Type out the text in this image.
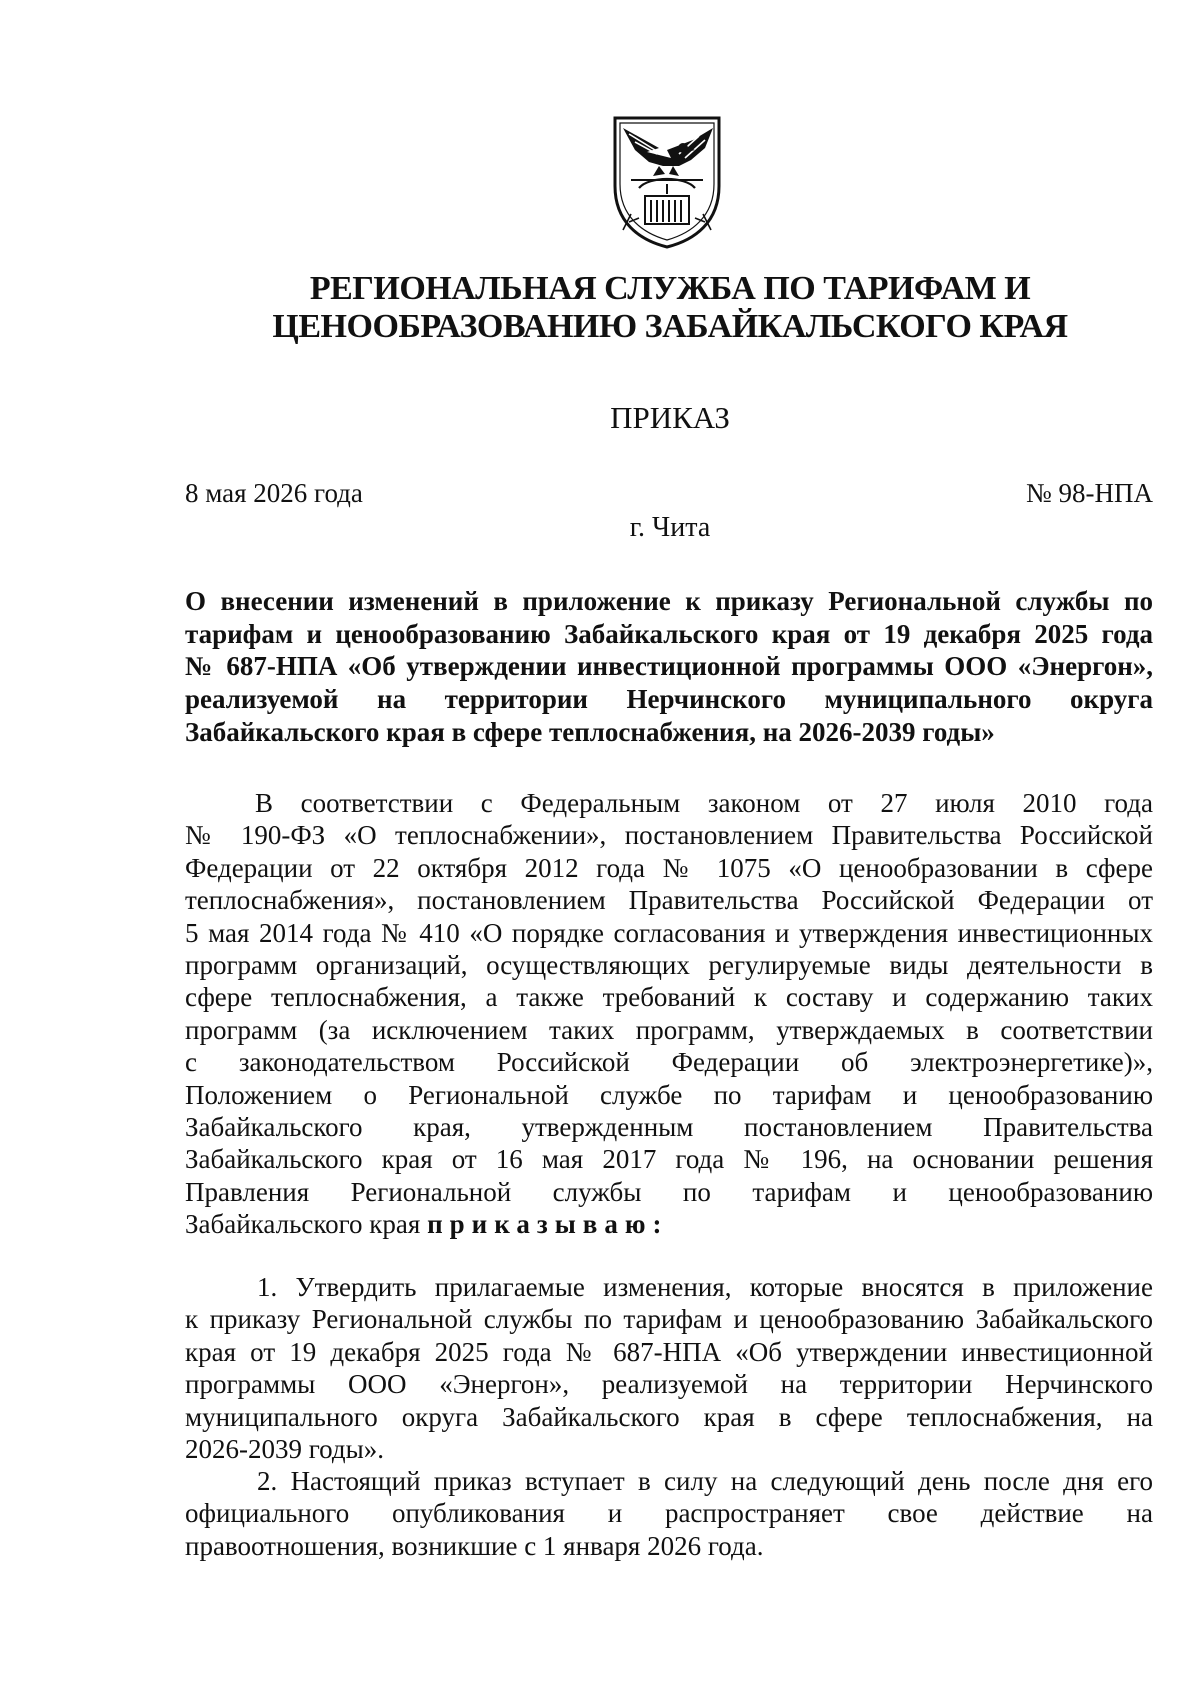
РЕГИОНАЛЬНАЯ СЛУЖБА ПО ТАРИФАМ И
ЦЕНООБРАЗОВАНИЮ ЗАБАЙКАЛЬСКОГО КРАЯ
ПРИКАЗ
8 мая 2026 года	№ 98-НПА
г. Чита
О внесении изменений в приложение к приказу Региональной службы по
тарифам и ценообразованию Забайкальского края от 19 декабря 2025 года
№ 687-НПА «Об утверждении инвестиционной программы ООО «Энергон»,
реализуемой на территории Нерчинского муниципального округа
Забайкальского края в сфере теплоснабжения, на 2026-2039 годы»
В соответствии с Федеральным законом от 27 июля 2010 года
№ 190-ФЗ «О теплоснабжении», постановлением Правительства Российской
Федерации от 22 октября 2012 года № 1075 «О ценообразовании в сфере
теплоснабжения», постановлением Правительства Российской Федерации от
5 мая 2014 года № 410 «О порядке согласования и утверждения инвестиционных
программ организаций, осуществляющих регулируемые виды деятельности в
сфере теплоснабжения, а также требований к составу и содержанию таких
программ (за исключением таких программ, утверждаемых в соответствии
с законодательством Российской Федерации об электроэнергетике)»,
Положением о Региональной службе по тарифам и ценообразованию
Забайкальского края, утвержденным постановлением Правительства
Забайкальского края от 16 мая 2017 года № 196, на основании решения
Правления Региональной службы по тарифам и ценообразованию
Забайкальского края приказываю:
1. Утвердить прилагаемые изменения, которые вносятся в приложение
к приказу Региональной службы по тарифам и ценообразованию Забайкальского
края от 19 декабря 2025 года № 687-НПА «Об утверждении инвестиционной
программы ООО «Энергон», реализуемой на территории Нерчинского
муниципального округа Забайкальского края в сфере теплоснабжения, на
2026-2039 годы».
2. Настоящий приказ вступает в силу на следующий день после дня его
официального опубликования и распространяет свое действие на
правоотношения, возникшие с 1 января 2026 года.
